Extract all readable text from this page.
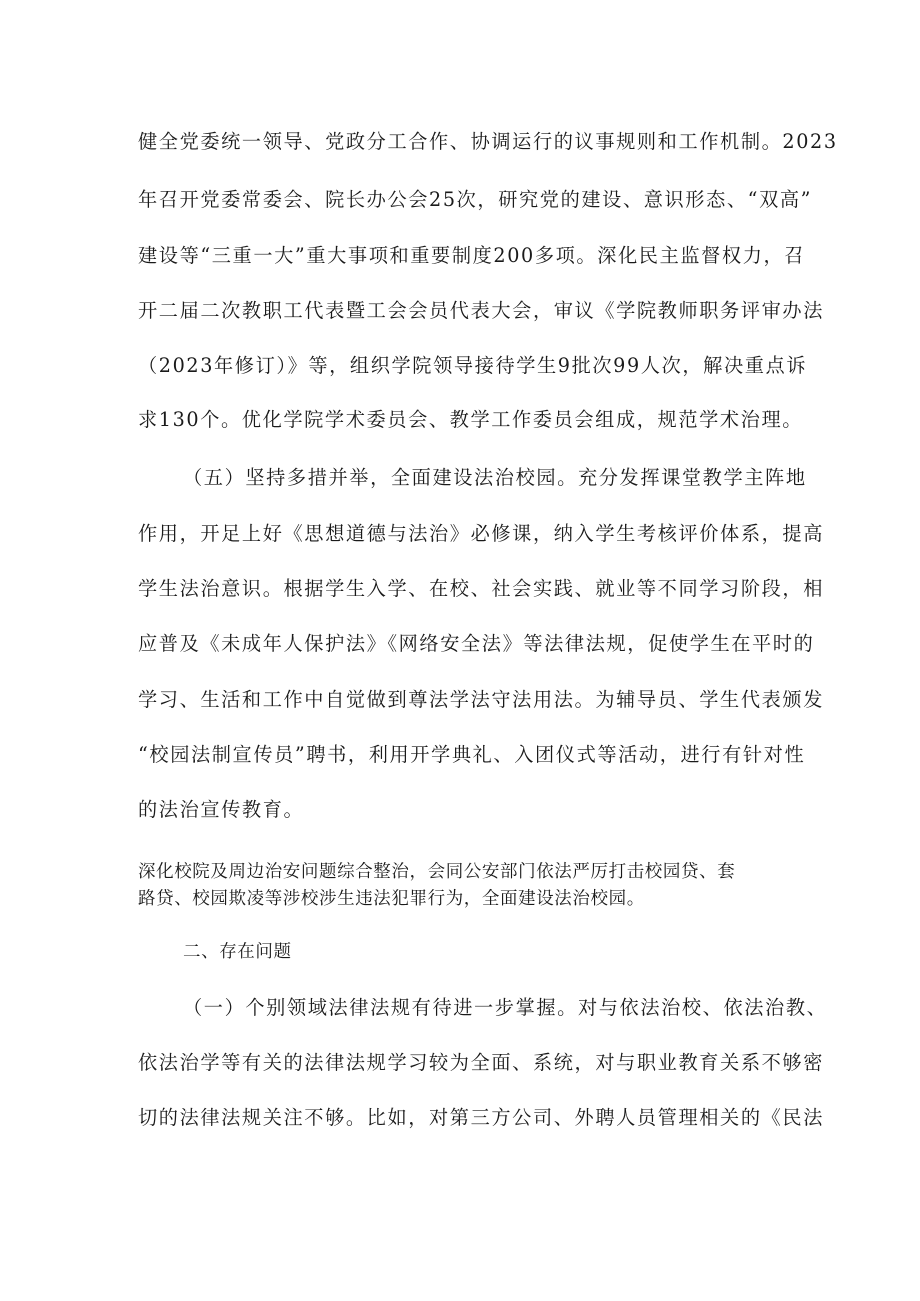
健全党委统一领导、党政分工合作、协调运行的议事规则和工作机制。2023
年召开党委常委会、院长办公会25次，研究党的建设、意识形态、“双高”
建设等“三重一大”重大事项和重要制度200多项。深化民主监督权力，召
开二届二次教职工代表暨工会会员代表大会，审议《学院教师职务评审办法
（2023年修订）》等，组织学院领导接待学生9批次99人次，解决重点诉
求130个。优化学院学术委员会、教学工作委员会组成，规范学术治理。
（五）坚持多措并举，全面建设法治校园。充分发挥课堂教学主阵地
作用，开足上好《思想道德与法治》必修课，纳入学生考核评价体系，提高
学生法治意识。根据学生入学、在校、社会实践、就业等不同学习阶段，相
应普及《未成年人保护法》《网络安全法》等法律法规，促使学生在平时的
学习、生活和工作中自觉做到尊法学法守法用法。为辅导员、学生代表颁发
“校园法制宣传员”聘书，利用开学典礼、入团仪式等活动，进行有针对性
的法治宣传教育。
深化校院及周边治安问题综合整治，会同公安部门依法严厉打击校园贷、套
路贷、校园欺凌等涉校涉生违法犯罪行为，全面建设法治校园。
二、存在问题
（一）个别领域法律法规有待进一步掌握。对与依法治校、依法治教、
依法治学等有关的法律法规学习较为全面、系统，对与职业教育关系不够密
切的法律法规关注不够。比如，对第三方公司、外聘人员管理相关的《民法
